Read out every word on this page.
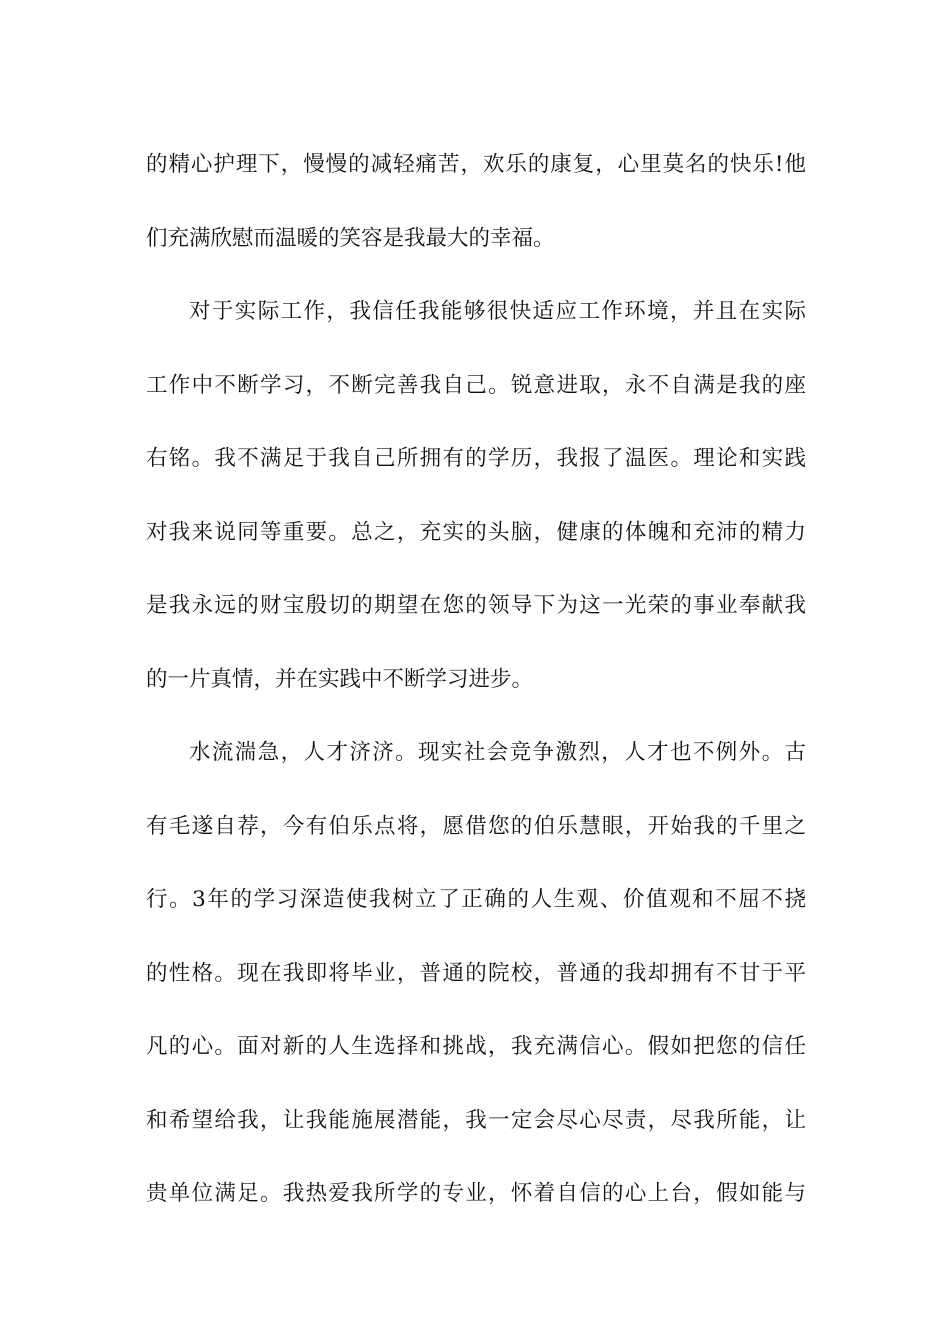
的精心护理下，慢慢的减轻痛苦，欢乐的康复，心里莫名的快乐!他
们充满欣慰而温暖的笑容是我最大的幸福。
对于实际工作，我信任我能够很快适应工作环境，并且在实际
工作中不断学习，不断完善我自己。锐意进取，永不自满是我的座
右铭。我不满足于我自己所拥有的学历，我报了温医。理论和实践
对我来说同等重要。总之，充实的头脑，健康的体魄和充沛的精力
是我永远的财宝殷切的期望在您的领导下为这一光荣的事业奉献我
的一片真情，并在实践中不断学习进步。
水流湍急，人才济济。现实社会竞争激烈，人才也不例外。古
有毛遂自荐，今有伯乐点将，愿借您的伯乐慧眼，开始我的千里之
行。3年的学习深造使我树立了正确的人生观、价值观和不屈不挠
的性格。现在我即将毕业，普通的院校，普通的我却拥有不甘于平
凡的心。面对新的人生选择和挑战，我充满信心。假如把您的信任
和希望给我，让我能施展潜能，我一定会尽心尽责，尽我所能，让
贵单位满足。我热爱我所学的专业，怀着自信的心上台，假如能与
